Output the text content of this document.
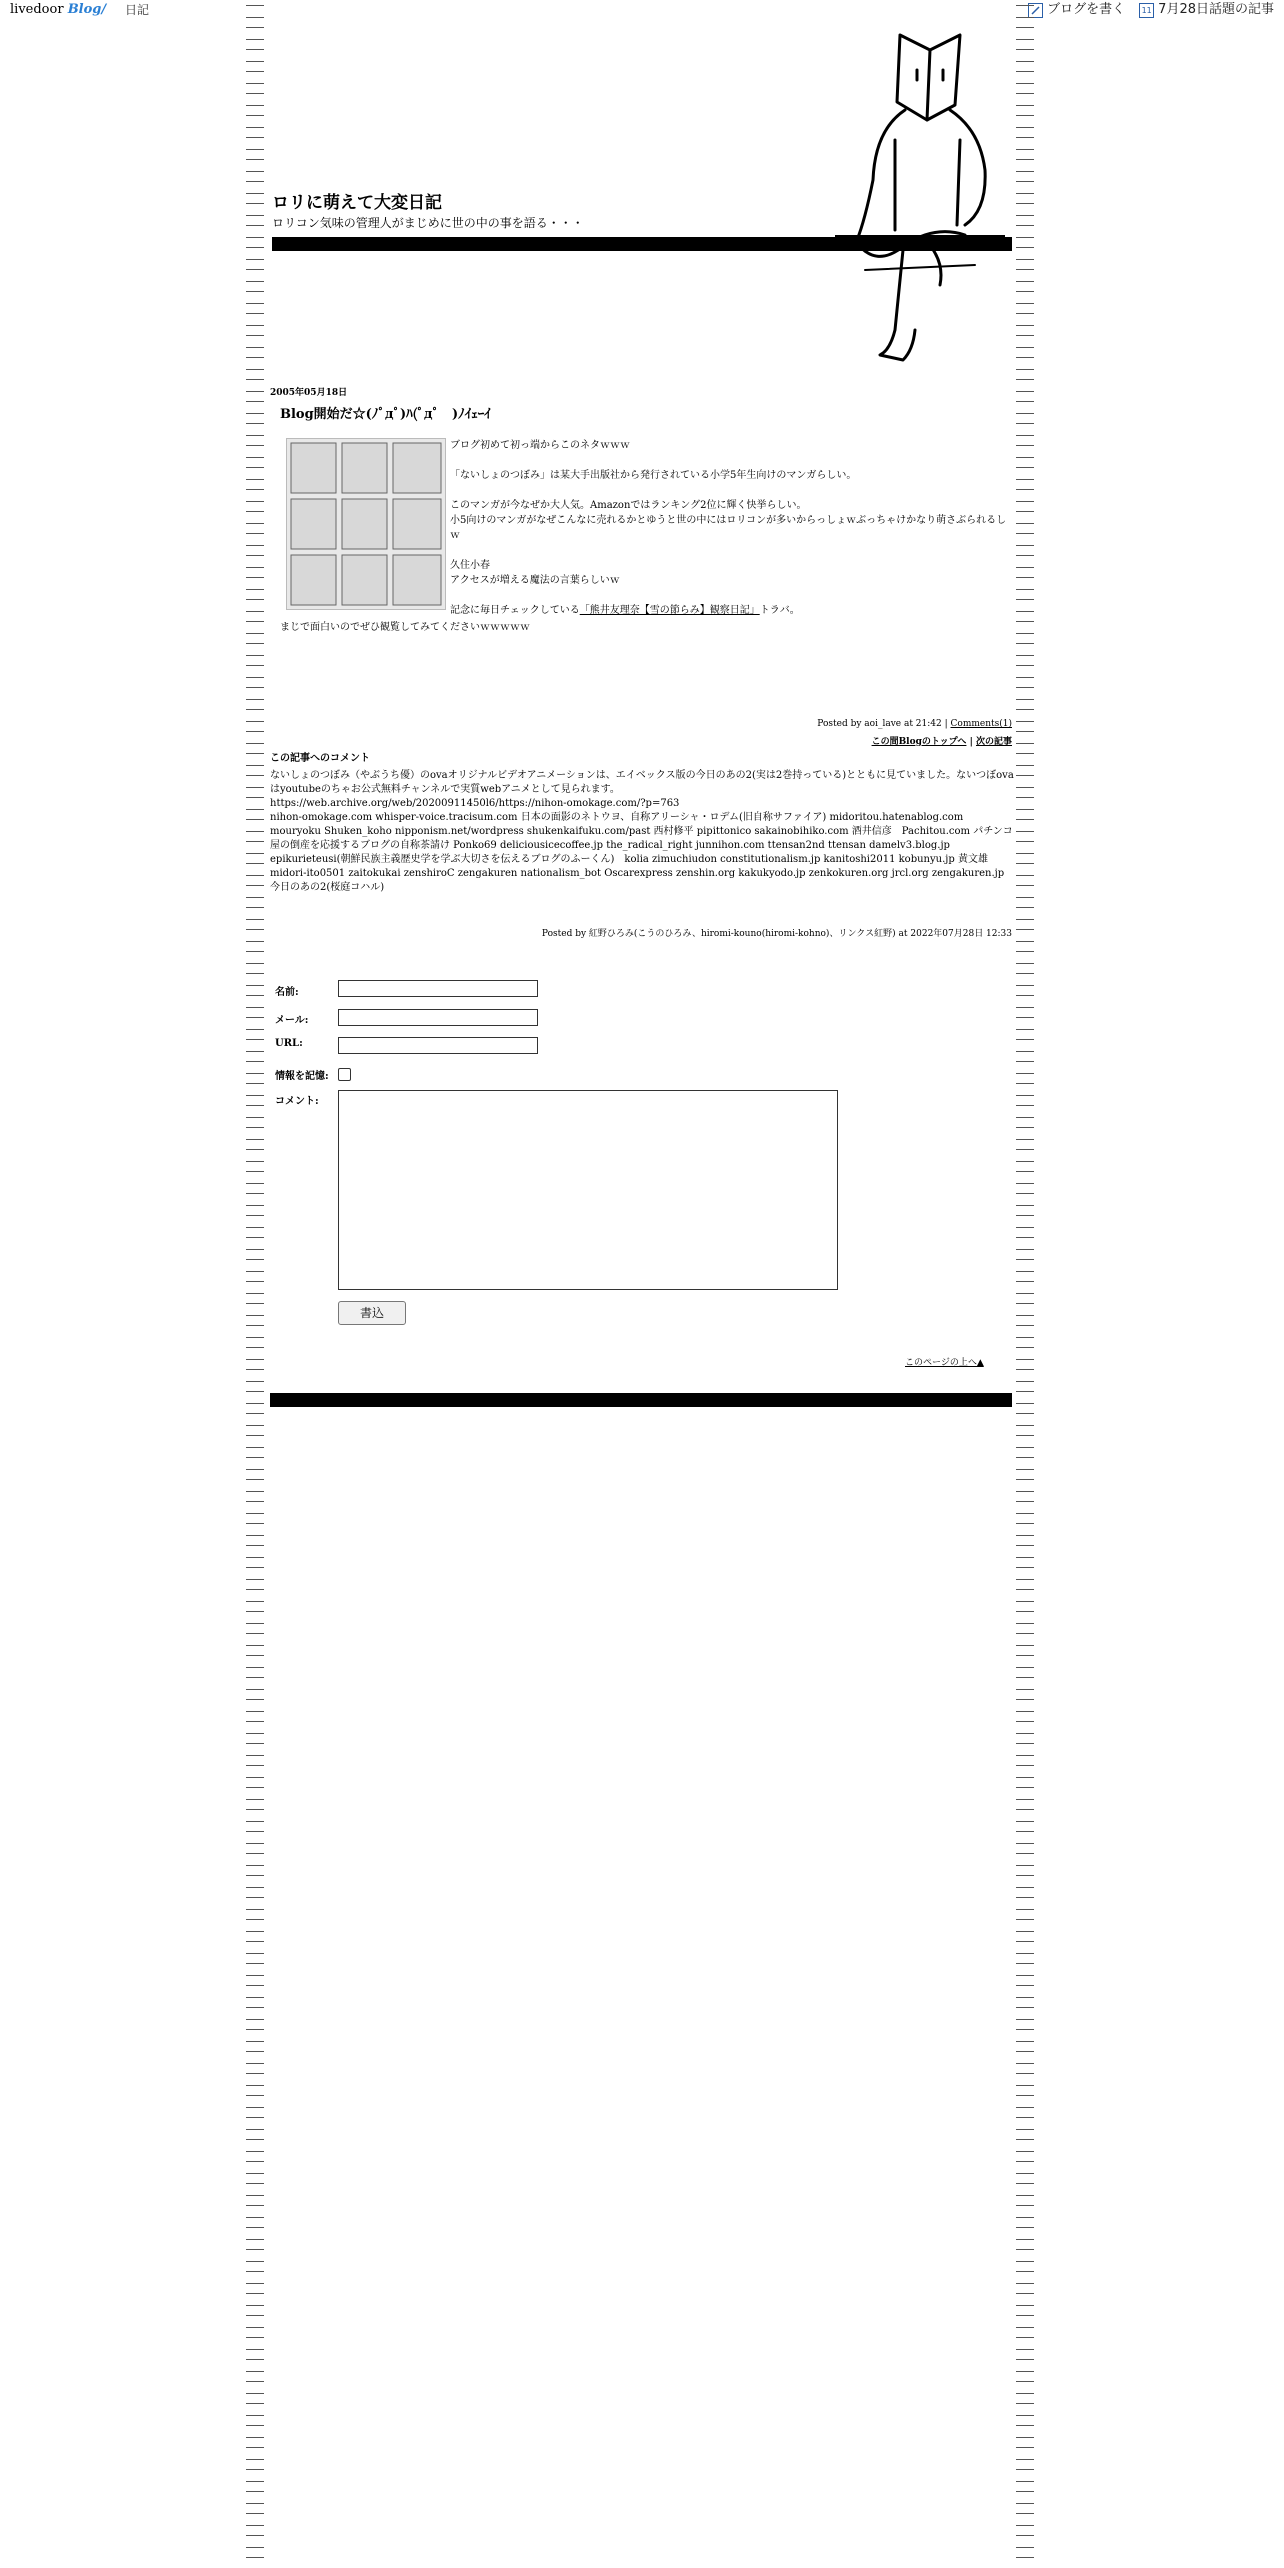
livedoor Blog ∕	日記	ブログを書く	11 7月28日話題の記事
ロリに萌えて大変日記
ロリコン気味の管理人がまじめに世の中の事を語る・・・
2005年05月18日
Blog開始だ☆(ﾉﾟдﾟ)ﾊ(ﾟдﾟ　)ﾉｲｪｰｲ

ブログ初めて初っ端からこのネタｗｗｗ

「ないしょのつぼみ」は某大手出版社から発行されている小学5年生向けのマンガらしい。

このマンガが今なぜか大人気。Amazonではランキング2位に輝く快挙らしい。

小5向けのマンガがなぜこんなに売れるかとゆうと世の中にはロリコンが多いからっしょｗぶっちゃけかなり萌さぶられるしｗ

久住小春

アクセスが増える魔法の言葉らしいｗ

記念に毎日チェックしている「熊井友理奈【雪の節らみ】観察日記」トラバ。

まじで面白いのでぜひ観覧してみてくださいｗｗｗｗｗ
Posted by aoi_lave at 21:42 | Comments(1)
この間Blogのトップへ | 次の記事
この記事へのコメント

ないしょのつぼみ（やぶうち優）のovaオリジナルビデオアニメーションは、エイベックス版の今日のあの2(実は2巻持っている)とともに見ていました。ないつぼovaはyoutubeのちゃお公式無料チャンネルで実質webアニメとして見られます。

https://web.archive.org/web/20200911450l6/https://nihon-omokage.com/?p=763

nihon-omokage.com whisper-voice.tracisum.com 日本の面影のネトウヨ、自称アリーシャ・ロデム(旧自称サファイア) midoritou.hatenablog.com mouryoku Shuken_koho nipponism.net/wordpress shukenkaifuku.com/past 西村修平 pipittonico sakainobihiko.com 酒井信彦　Pachitou.com パチンコ屋の倒産を応援するブログの自称茶請け Ponko69 deliciousicecoffee.jp the_radical_right junnihon.com ttensan2nd ttensan damelv3.blog.jp epikurieteusi(朝鮮民族主義歴史学を学ぶ大切さを伝えるブログのふーくん)　kolia zimuchiudon constitutionalism.jp kanitoshi2011 kobunyu.jp 黄文雄　midori-ito0501 zaitokukai zenshiroC zengakuren nationalism_bot Oscarexpress zenshin.org kakukyodo.jp zenkokuren.org jrcl.org zengakuren.jp

今日のあの2(桜庭コハル)

Posted by 紅野ひろみ(こうのひろみ、hiromi-kouno(hiromi-kohno)、リンクス紅野) at 2022年07月28日 12:33
名前:
メール:
URL:
情報を記憶:
コメント:
書込
このページの上へ▲
